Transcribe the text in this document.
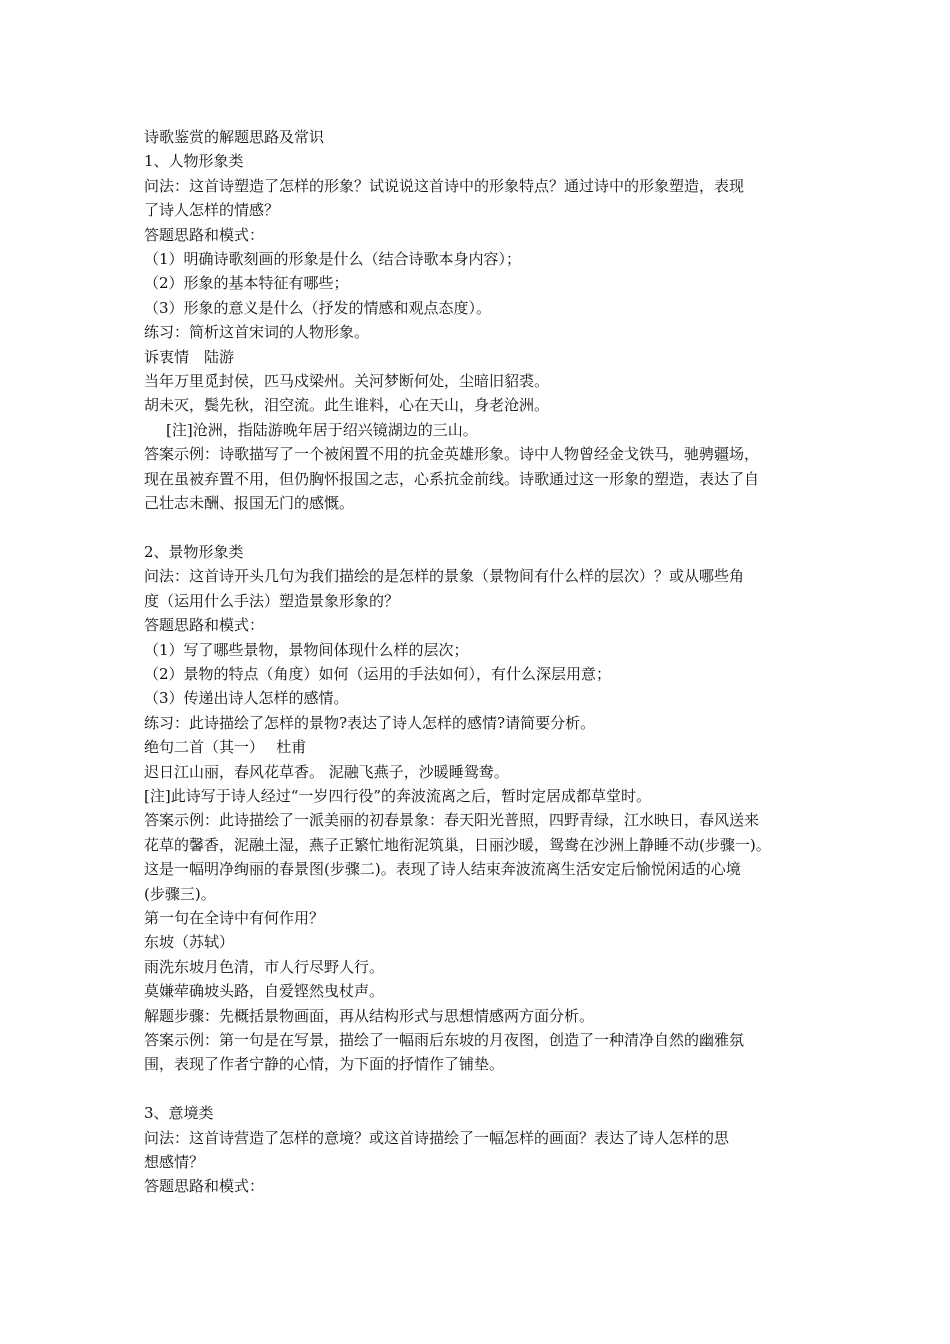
诗歌鉴赏的解题思路及常识
1、人物形象类
问法：这首诗塑造了怎样的形象？试说说这首诗中的形象特点？通过诗中的形象塑造，表现
了诗人怎样的情感？
答题思路和模式：
（1）明确诗歌刻画的形象是什么（结合诗歌本身内容）；
（2）形象的基本特征有哪些；
（3）形象的意义是什么（抒发的情感和观点态度）。
练习：简析这首宋词的人物形象。
诉衷情　陆游
当年万里觅封侯，匹马戍梁州。关河梦断何处，尘暗旧貂裘。
胡未灭，鬓先秋，泪空流。此生谁料，心在天山，身老沧洲。
[注]沧洲，指陆游晚年居于绍兴镜湖边的三山。
答案示例：诗歌描写了一个被闲置不用的抗金英雄形象。诗中人物曾经金戈铁马，驰骋疆场，
现在虽被弃置不用，但仍胸怀报国之志，心系抗金前线。诗歌通过这一形象的塑造，表达了自
己壮志未酬、报国无门的感慨。
2、景物形象类
问法：这首诗开头几句为我们描绘的是怎样的景象（景物间有什么样的层次）？或从哪些角
度（运用什么手法）塑造景象形象的？
答题思路和模式：
（1）写了哪些景物，景物间体现什么样的层次；
（2）景物的特点（角度）如何（运用的手法如何），有什么深层用意；
（3）传递出诗人怎样的感情。
练习：此诗描绘了怎样的景物?表达了诗人怎样的感情?请简要分析。
绝句二首（其一）　 杜甫
迟日江山丽，春风花草香。 泥融飞燕子，沙暖睡鸳鸯。
[注]此诗写于诗人经过“一岁四行役”的奔波流离之后，暂时定居成都草堂时。
答案示例：此诗描绘了一派美丽的初春景象：春天阳光普照，四野青绿，江水映日，春风送来
花草的馨香，泥融土湿，燕子正繁忙地衔泥筑巢，日丽沙暖，鸳鸯在沙洲上静睡不动(步骤一)。
这是一幅明净绚丽的春景图(步骤二)。表现了诗人结束奔波流离生活安定后愉悦闲适的心境
(步骤三)。
第一句在全诗中有何作用？
东坡（苏轼）
雨洗东坡月色清，市人行尽野人行。
莫嫌荦确坡头路，自爱铿然曳杖声。
解题步骤：先概括景物画面，再从结构形式与思想情感两方面分析。
答案示例：第一句是在写景，描绘了一幅雨后东坡的月夜图，创造了一种清净自然的幽雅氛
围，表现了作者宁静的心情，为下面的抒情作了铺垫。
3、意境类
问法：这首诗营造了怎样的意境？或这首诗描绘了一幅怎样的画面？表达了诗人怎样的思
想感情？
答题思路和模式：
